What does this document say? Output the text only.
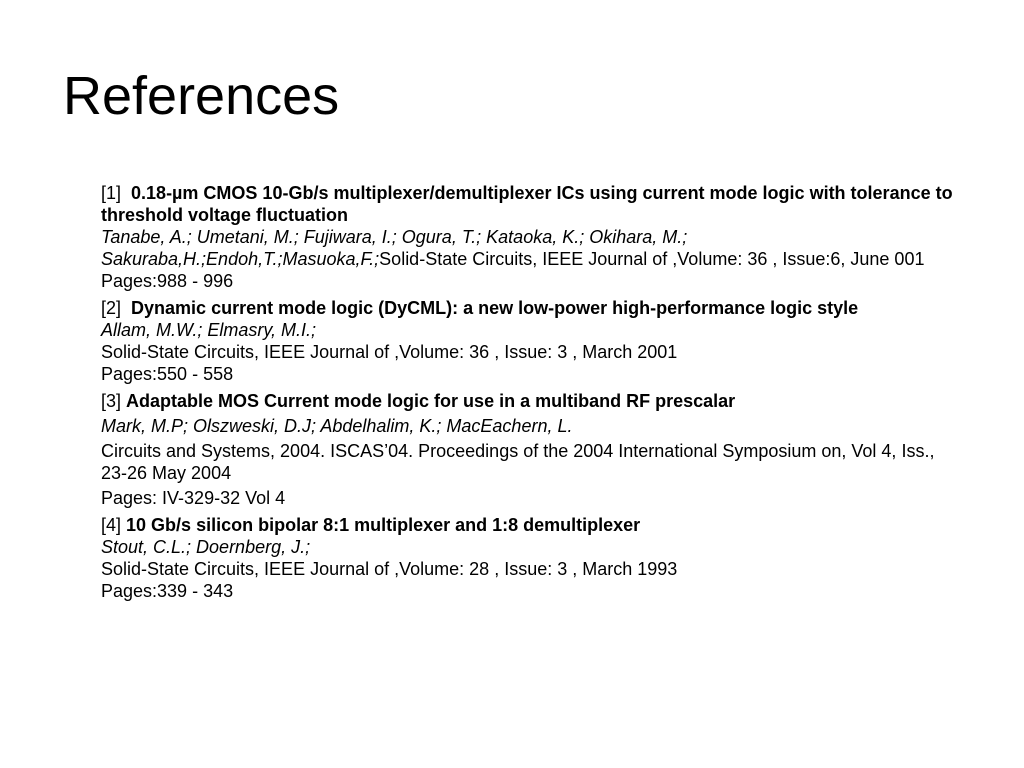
References

[1] 0.18-µm CMOS 10-Gb/s multiplexer/demultiplexer ICs using current mode logic with tolerance to threshold voltage fluctuation

Tanabe, A.; Umetani, M.; Fujiwara, I.; Ogura, T.; Kataoka, K.; Okihara, M.; Sakuraba,H.;Endoh,T.;Masuoka,F.;Solid-State Circuits, IEEE Journal of ,Volume: 36 , Issue:6, June 001

Pages:988 - 996

[2] Dynamic current mode logic (DyCML): a new low-power high-performance logic style

Allam, M.W.; Elmasry, M.I.;

Solid-State Circuits, IEEE Journal of ,Volume: 36 , Issue: 3 , March 2001

Pages:550 - 558

[3] Adaptable MOS Current mode logic for use in a multiband RF prescalar

Mark, M.P; Olszweski, D.J; Abdelhalim, K.; MacEachern, L.

Circuits and Systems, 2004. ISCAS’04. Proceedings of the 2004 International Symposium on, Vol 4, Iss., 23-26 May 2004

Pages: IV-329-32 Vol 4

[4] 10 Gb/s silicon bipolar 8:1 multiplexer and 1:8 demultiplexer

Stout, C.L.; Doernberg, J.;

Solid-State Circuits, IEEE Journal of ,Volume: 28 , Issue: 3 , March 1993

Pages:339 - 343
